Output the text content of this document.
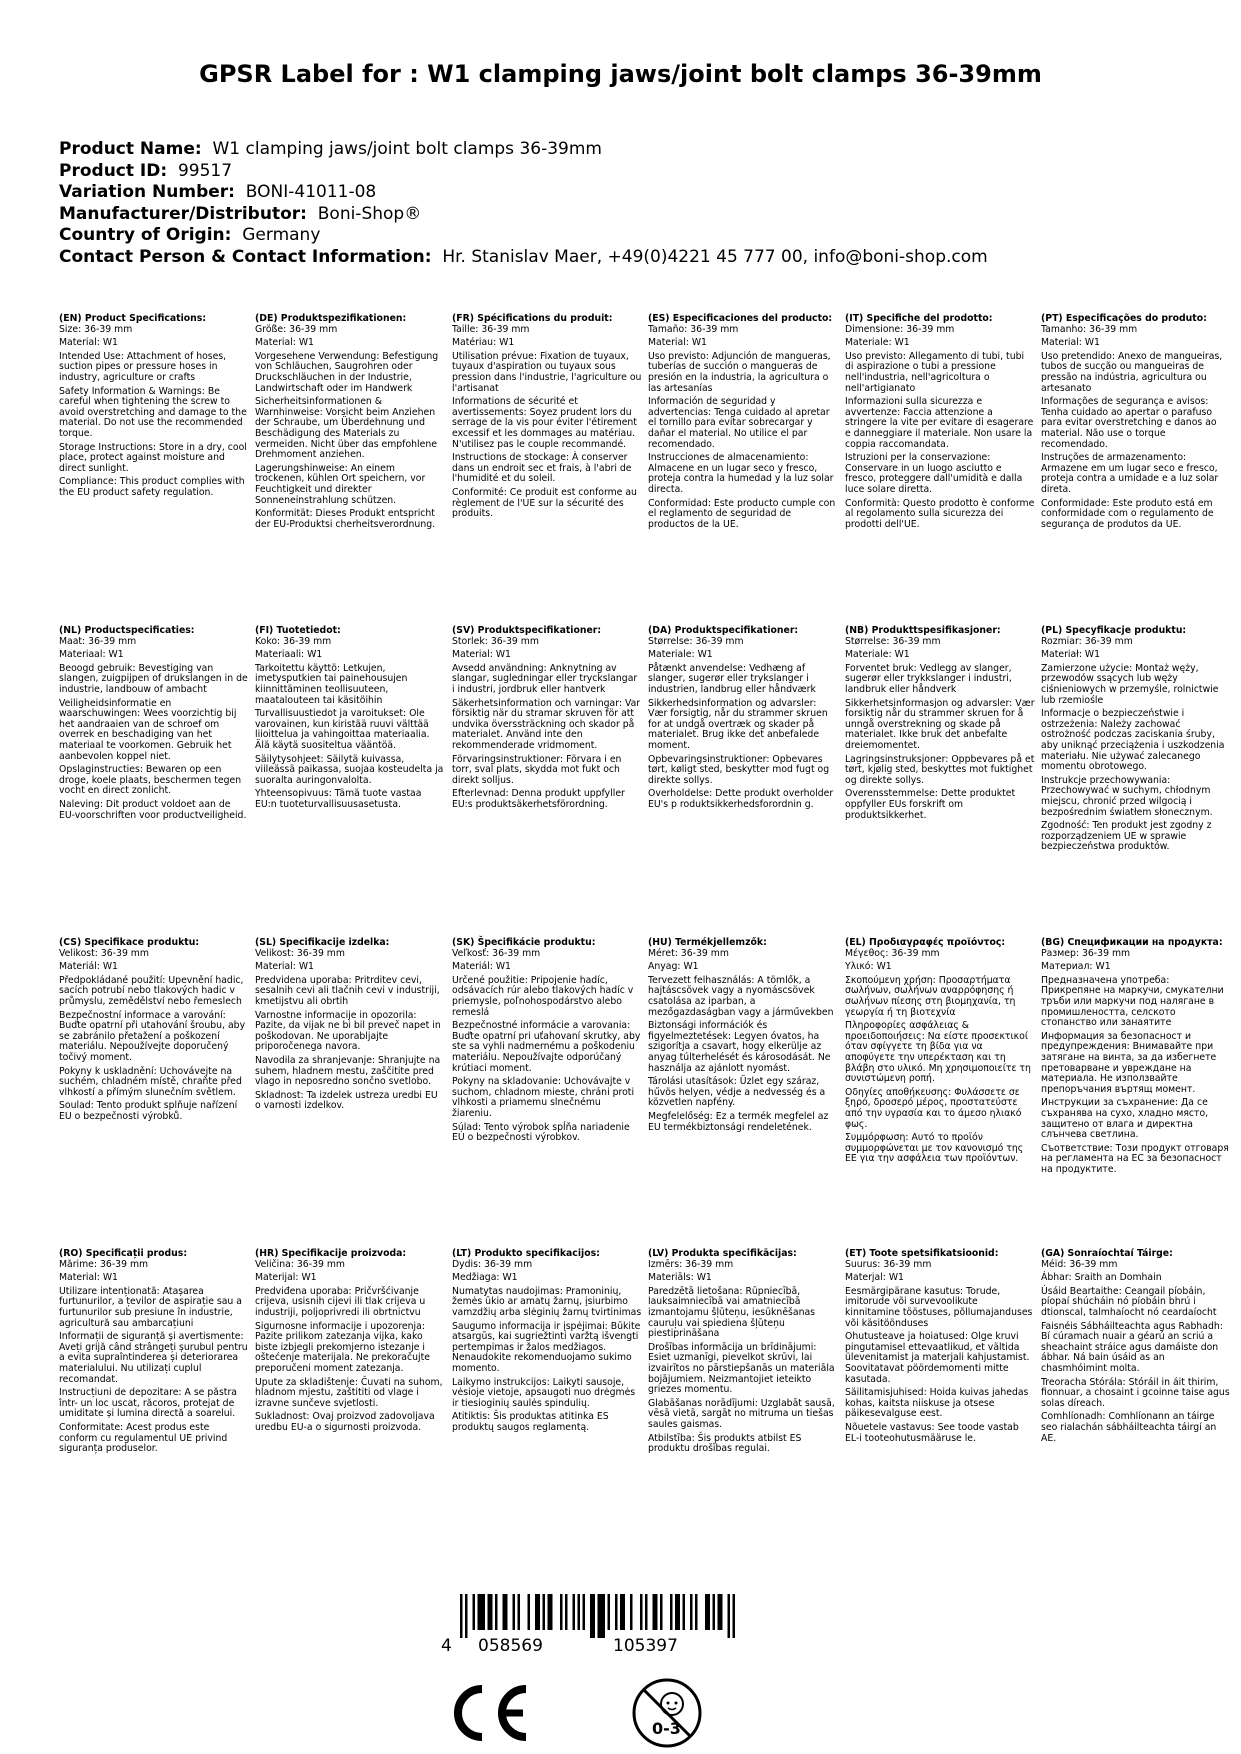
GPSR Label for : W1 clamping jaws/joint bolt clamps 36-39mm
Product Name: W1 clamping jaws/joint bolt clamps 36-39mm
Product ID: 99517
Variation Number: BONI-41011-08
Manufacturer/Distributor: Boni-Shop®
Country of Origin: Germany
Contact Person & Contact Information: Hr. Stanislav Maer, +49(0)4221 45 777 00, info@boni-shop.com
(EN) Product Specifications:

Size: 36-39 mm

Material: W1

Intended Use: Attachment of hoses, suction pipes or pressure hoses in industry, agriculture or crafts

Safety Information & Warnings: Be careful when tightening the screw to avoid overstretching and damage to the material. Do not use the recommended torque.

Storage Instructions: Store in a dry, cool place, protect against moisture and direct sunlight.

Compliance: This product complies with the EU product safety regulation.

(DE) Produktspezifikationen:

Größe: 36-39 mm

Material: W1

Vorgesehene Verwendung: Befestigung von Schläuchen, Saugrohren oder Druckschläuchen in der Industrie, Landwirtschaft oder im Handwerk

Sicherheitsinformationen & Warnhinweise: Vorsicht beim Anziehen der Schraube, um Überdehnung und Beschädigung des Materials zu vermeiden. Nicht über das empfohlene Drehmoment anziehen.

Lagerungshinweise: An einem trockenen, kühlen Ort speichern, vor Feuchtigkeit und direkter Sonneneinstrahlung schützen.

Konformität: Dieses Produkt entspricht der EU-Produktsi cherheitsverordnung.

(FR) Spécifications du produit:

Taille: 36-39 mm

Matériau: W1

Utilisation prévue: Fixation de tuyaux, tuyaux d'aspiration ou tuyaux sous pression dans l'industrie, l'agriculture ou l'artisanat

Informations de sécurité et avertissements: Soyez prudent lors du serrage de la vis pour éviter l'étirement excessif et les dommages au matériau. N'utilisez pas le couple recommandé.

Instructions de stockage: À conserver dans un endroit sec et frais, à l'abri de l'humidité et du soleil.

Conformité: Ce produit est conforme au règlement de l'UE sur la sécurité des produits.

(ES) Especificaciones del producto:

Tamaño: 36-39 mm

Material: W1

Uso previsto: Adjunción de mangueras, tuberías de succión o mangueras de presión en la industria, la agricultura o las artesanías

Información de seguridad y advertencias: Tenga cuidado al apretar el tornillo para evitar sobrecargar y dañar el material. No utilice el par recomendado.

Instrucciones de almacenamiento: Almacene en un lugar seco y fresco, proteja contra la humedad y la luz solar directa.

Conformidad: Este producto cumple con el reglamento de seguridad de productos de la UE.

(IT) Specifiche del prodotto:

Dimensione: 36-39 mm

Materiale: W1

Uso previsto: Allegamento di tubi, tubi di aspirazione o tubi a pressione nell'industria, nell'agricoltura o nell'artigianato

Informazioni sulla sicurezza e avvertenze: Faccia attenzione a stringere la vite per evitare di esagerare e danneggiare il materiale. Non usare la coppia raccomandata.

Istruzioni per la conservazione: Conservare in un luogo asciutto e fresco, proteggere dall'umidità e dalla luce solare diretta.

Conformità: Questo prodotto è conforme al regolamento sulla sicurezza dei prodotti dell'UE.

(PT) Especificações do produto:

Tamanho: 36-39 mm

Material: W1

Uso pretendido: Anexo de mangueiras, tubos de sucção ou mangueiras de pressão na indústria, agricultura ou artesanato

Informações de segurança e avisos: Tenha cuidado ao apertar o parafuso para evitar overstretching e danos ao material. Não use o torque recomendado.

Instruções de armazenamento: Armazene em um lugar seco e fresco, proteja contra a umidade e a luz solar direta.

Conformidade: Este produto está em conformidade com o regulamento de segurança de produtos da UE.

(NL) Productspecificaties:

Maat: 36-39 mm

Materiaal: W1

Beoogd gebruik: Bevestiging van slangen, zuigpijpen of drukslangen in de industrie, landbouw of ambacht

Veiligheidsinformatie en waarschuwingen: Wees voorzichtig bij het aandraaien van de schroef om overrek en beschadiging van het materiaal te voorkomen. Gebruik het aanbevolen koppel niet.

Opslaginstructies: Bewaren op een droge, koele plaats, beschermen tegen vocht en direct zonlicht.

Naleving: Dit product voldoet aan de EU-voorschriften voor productveiligheid.

(FI) Tuotetiedot:

Koko: 36-39 mm

Materiaali: W1

Tarkoitettu käyttö: Letkujen, imetysputkien tai painehousujen kiinnittäminen teollisuuteen, maatalouteen tai käsitöihin

Turvallisuustiedot ja varoitukset: Ole varovainen, kun kiristää ruuvi välttää liioittelua ja vahingoittaa materiaalia. Älä käytä suositeltua vääntöä.

Säilytysohjeet: Säilytä kuivassa, viileässä paikassa, suojaa kosteudelta ja suoralta auringonvalolta.

Yhteensopivuus: Tämä tuote vastaa EU:n tuoteturvallisuusasetusta.

(SV) Produktspecifikationer:

Storlek: 36-39 mm

Material: W1

Avsedd användning: Anknytning av slangar, sugledningar eller tryckslangar i industri, jordbruk eller hantverk

Säkerhetsinformation och varningar: Var försiktig när du stramar skruven för att undvika överssträckning och skador på materialet. Använd inte den rekommenderade vridmoment.

Förvaringsinstruktioner: Förvara i en torr, sval plats, skydda mot fukt och direkt solljus.

Efterlevnad: Denna produkt uppfyller EU:s produktsäkerhetsförordning.

(DA) Produktspecifikationer:

Størrelse: 36-39 mm

Materiale: W1

Påtænkt anvendelse: Vedhæng af slanger, sugerør eller trykslanger i industrien, landbrug eller håndværk

Sikkerhedsinformation og advarsler: Vær forsigtig, når du strammer skruen for at undgå overtræk og skader på materialet. Brug ikke det anbefalede moment.

Opbevaringsinstruktioner: Opbevares tørt, køligt sted, beskytter mod fugt og direkte sollys.

Overholdelse: Dette produkt overholder EU's p roduktsikkerhedsforordnin g.

(NB) Produkttspesifikasjoner:

Størrelse: 36-39 mm

Materiale: W1

Forventet bruk: Vedlegg av slanger, sugerør eller trykkslanger i industri, landbruk eller håndverk

Sikkerhetsinformasjon og advarsler: Vær forsiktig når du strammer skruen for å unngå overstrekning og skade på materialet. Ikke bruk det anbefalte dreiemomentet.

Lagringsinstruksjoner: Oppbevares på et tørt, kjølig sted, beskyttes mot fuktighet og direkte sollys.

Overensstemmelse: Dette produktet oppfyller EUs forskrift om produktsikkerhet.

(PL) Specyfikacje produktu:

Rozmiar: 36-39 mm

Materiał: W1

Zamierzone użycie: Montaż węży, przewodów ssących lub węży ciśnieniowych w przemyśle, rolnictwie lub rzemiośle

Informacje o bezpieczeństwie i ostrzeżenia: Należy zachować ostrożność podczas zaciskania śruby, aby uniknąć przeciążenia i uszkodzenia materiału. Nie używać zalecanego momentu obrotowego.

Instrukcje przechowywania: Przechowywać w suchym, chłodnym miejscu, chronić przed wilgocią i bezpośrednim światłem słonecznym.

Zgodność: Ten produkt jest zgodny z rozporządzeniem UE w sprawie bezpieczeństwa produktów.

(CS) Specifikace produktu:

Velikost: 36-39 mm

Materiál: W1

Předpokládané použití: Upevnění hadic, sacích potrubí nebo tlakových hadic v průmyslu, zemědělství nebo řemeslech

Bezpečnostní informace a varování: Buďte opatrní při utahování šroubu, aby se zabránilo přetažení a poškození materiálu. Nepoužívejte doporučený točivý moment.

Pokyny k uskladnění: Uchovávejte na suchém, chladném místě, chraňte před vlhkostí a přímým slunečním světlem.

Soulad: Tento produkt splňuje nařízení EU o bezpečnosti výrobků.

(SL) Specifikacije izdelka:

Velikost: 36-39 mm

Material: W1

Predvidena uporaba: Pritrditev cevi, sesalnih cevi ali tlačnih cevi v industriji, kmetijstvu ali obrtih

Varnostne informacije in opozorila: Pazite, da vijak ne bi bil preveč napet in poškodovan. Ne uporabljajte priporočenega navora.

Navodila za shranjevanje: Shranjujte na suhem, hladnem mestu, zaščitite pred vlago in neposredno sončno svetlobo.

Skladnost: Ta izdelek ustreza uredbi EU o varnosti izdelkov.

(SK) Špecifikácie produktu:

Veľkosť: 36-39 mm

Materiál: W1

Určené použitie: Pripojenie hadíc, odsávacích rúr alebo tlakových hadíc v priemysle, poľnohospodárstvo alebo remeslá

Bezpečnostné informácie a varovania: Buďte opatrní pri uťahovaní skrutky, aby ste sa vyhli nadmernému a poškodeniu materiálu. Nepoužívajte odporúčaný krútiaci moment.

Pokyny na skladovanie: Uchovávajte v suchom, chladnom mieste, chráni proti vlhkosti a priamemu slnečnému žiareniu.

Súlad: Tento výrobok spĺňa nariadenie EÚ o bezpečnosti výrobkov.

(HU) Termékjellemzők:

Méret: 36-39 mm

Anyag: W1

Tervezett felhasználás: A tömlők, a hajtáscsövek vagy a nyomáscsövek csatolása az iparban, a mezőgazdaságban vagy a járművekben

Biztonsági információk és figyelmeztetések: Legyen óvatos, ha szigorítja a csavart, hogy elkerülje az anyag túlterhelését és károsodását. Ne használja az ajánlott nyomást.

Tárolási utasítások: Üzlet egy száraz, hűvös helyen, védje a nedvesség és a közvetlen napfény.

Megfelelőség: Ez a termék megfelel az EU termékbiztonsági rendeletének.

(EL) Προδιαγραφές προϊόντος:

Μέγεθος: 36-39 mm

Υλικό: W1

Σκοπούμενη χρήση: Προσαρτήματα σωλήνων, σωλήνων αναρρόφησης ή σωλήνων πίεσης στη βιομηχανία, τη γεωργία ή τη βιοτεχνία

Πληροφορίες ασφάλειας & προειδοποιήσεις: Να είστε προσεκτικοί όταν σφίγγετε τη βίδα για να αποφύγετε την υπερέκταση και τη βλάβη στο υλικό. Μη χρησιμοποιείτε τη συνιστώμενη ροπή.

Οδηγίες αποθήκευσης: Φυλάσσετε σε ξηρό, δροσερό μέρος, προστατεύστε από την υγρασία και το άμεσο ηλιακό φως.

Συμμόρφωση: Αυτό το προϊόν συμμορφώνεται με τον κανονισμό της ΕΕ για την ασφάλεια των προϊόντων.

(BG) Спецификации на продукта:

Размер: 36-39 mm

Материал: W1

Предназначена употреба: Прикрепяне на маркучи, смукателни тръби или маркучи под налягане в промишлеността, селското стопанство или занаятите

Информация за безопасност и предупреждения: Внимавайте при затягане на винта, за да избегнете претоварване и увреждане на материала. Не използвайте препоръчания въртящ момент.

Инструкции за съхранение: Да се съхранява на сухо, хладно място, защитено от влага и директна слънчева светлина.

Съответствие: Този продукт отговаря на регламента на ЕС за безопасност на продуктите.

(RO) Specificații produs:

Mărime: 36-39 mm

Material: W1

Utilizare intenționată: Atașarea furtunurilor, a țevilor de aspirație sau a furtunurilor sub presiune în industrie, agricultură sau ambarcațiuni

Informații de siguranță și avertismente: Aveți grijă când strângeți șurubul pentru a evita supraîntinderea și deteriorarea materialului. Nu utilizați cuplul recomandat.

Instrucțiuni de depozitare: A se păstra într- un loc uscat, răcoros, protejat de umiditate și lumina directă a soarelui.

Conformitate: Acest produs este conform cu regulamentul UE privind siguranța produselor.

(HR) Specifikacije proizvoda:

Veličina: 36-39 mm

Materijal: W1

Predviđena uporaba: Pričvršćivanje crijeva, usisnih cijevi ili tlak crijeva u industriji, poljoprivredi ili obrtnictvu

Sigurnosne informacije i upozorenja: Pazite prilikom zatezanja vijka, kako biste izbjegli prekomjerno istezanje i oštećenje materijala. Ne prekoračujte preporučeni moment zatezanja.

Upute za skladištenje: Čuvati na suhom, hladnom mjestu, zaštititi od vlage i izravne sunčeve svjetlosti.

Sukladnost: Ovaj proizvod zadovoljava uredbu EU-a o sigurnosti proizvoda.

(LT) Produkto specifikacijos:

Dydis: 36-39 mm

Medžiaga: W1

Numatytas naudojimas: Pramoninių, žemės ūkio ar amatų žarnų, įsiurbimo vamzdžių arba slėginių žarnų tvirtinimas

Saugumo informacija ir įspėjimai: Būkite atsargūs, kai sugriežtinti varžtą išvengti pertempimas ir žalos medžiagos. Nenaudokite rekomenduojamo sukimo momento.

Laikymo instrukcijos: Laikyti sausoje, vėsioje vietoje, apsaugoti nuo drėgmės ir tiesioginių saulės spindulių.

Atitiktis: Šis produktas atitinka ES produktų saugos reglamentą.

(LV) Produkta specifikācijas:

Izmērs: 36-39 mm

Materiāls: W1

Paredzētā lietošana: Rūpniecībā, lauksaimniecībā vai amatniecībā izmantojamu šļūteņu, iesūknēšanas cauruļu vai spiediena šļūteņu piestiprināšana

Drošības informācija un brīdinājumi: Esiet uzmanīgi, pievelkot skrūvi, lai izvairītos no pārstiepšanās un materiāla bojājumiem. Neizmantojiet ieteikto griezes momentu.

Glabāšanas norādījumi: Uzglabāt sausā, vēsā vietā, sargāt no mitruma un tiešas saules gaismas.

Atbilstība: Šis produkts atbilst ES produktu drošības regulai.

(ET) Toote spetsifikatsioonid:

Suurus: 36-39 mm

Materjal: W1

Eesmärgipärane kasutus: Torude, imitorude või survevoolikute kinnitamine tööstuses, põllumajanduses või käsitöönduses

Ohutusteave ja hoiatused: Olge kruvi pingutamisel ettevaatlikud, et vältida ülevenitamist ja materjali kahjustamist. Soovitatavat pöördemomenti mitte kasutada.

Säilitamisjuhised: Hoida kuivas jahedas kohas, kaitsta niiskuse ja otsese päikesevalguse eest.

Nõuetele vastavus: See toode vastab EL-i tooteohutusmääruse le.

(GA) Sonraíochtaí Táirge:

Méid: 36-39 mm

Ábhar: Sraith an Domhain

Úsáid Beartaithe: Ceangail píobáin, píopaí shúcháin nó píobáin bhrú i dtionscal, talmhaíocht nó ceardaíocht

Faisnéis Sábháilteachta agus Rabhadh: Bí cúramach nuair a géarú an scriú a sheachaint stráice agus damáiste don ábhar. Ná bain úsáid as an chasmhóimint molta.

Treoracha Stórála: Stóráil in áit thirim, fionnuar, a chosaint i gcoinne taise agus solas díreach.

Comhlíonadh: Comhlíonann an táirge seo rialachán sábháilteachta táirgí an AE.

4 058569	105397
0-3
